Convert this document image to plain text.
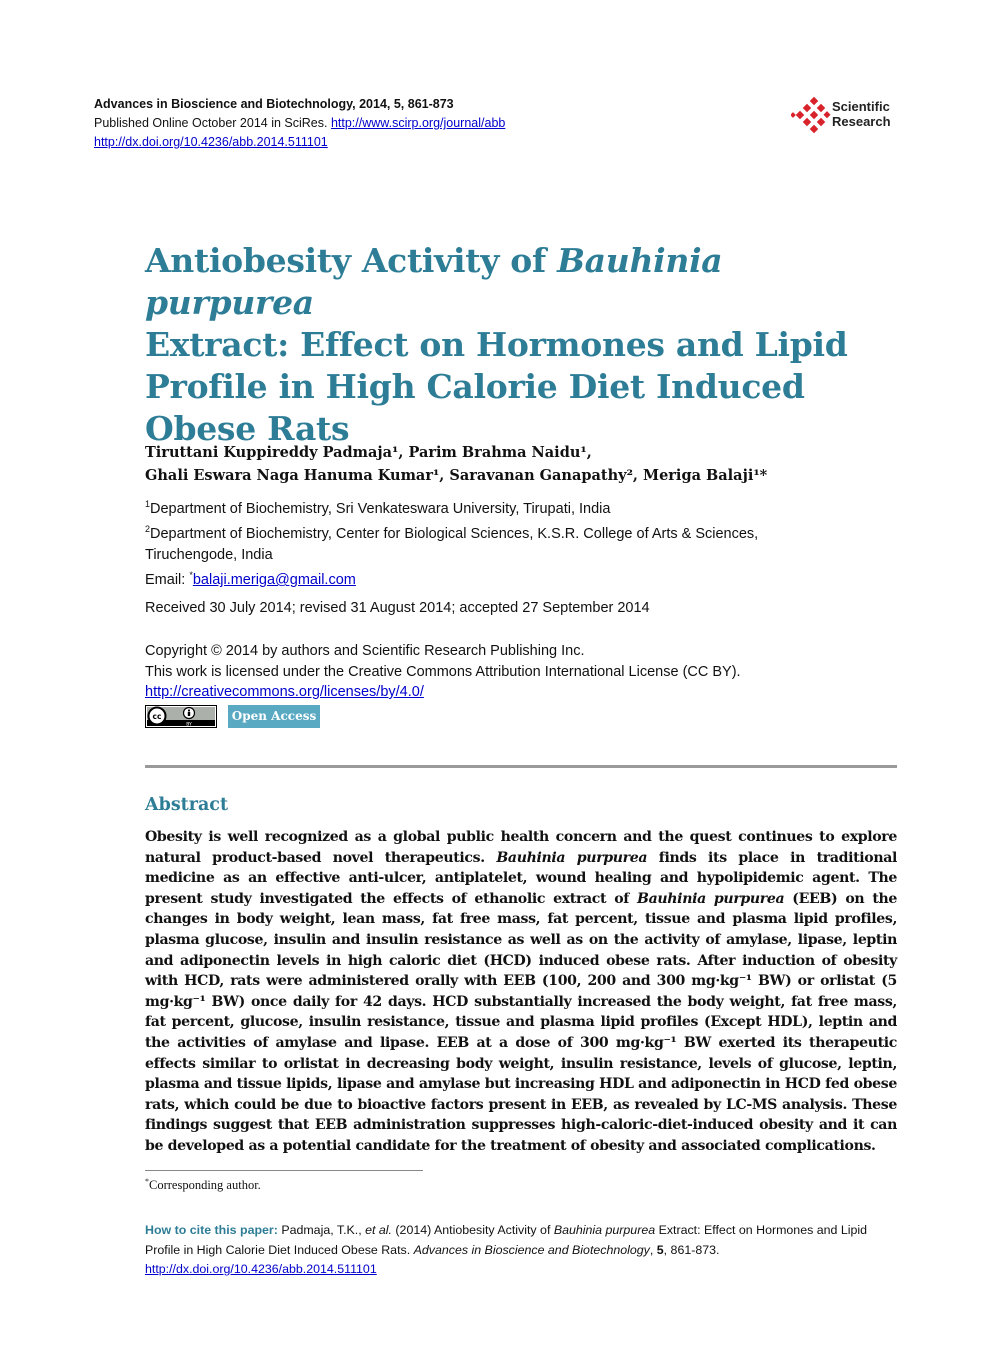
Advances in Bioscience and Biotechnology, 2014, 5, 861-873
Published Online October 2014 in SciRes. http://www.scirp.org/journal/abb
http://dx.doi.org/10.4236/abb.2014.511101
Scientific
Research
Antiobesity Activity of Bauhinia purpurea
Extract: Effect on Hormones and Lipid Profile in High Calorie Diet Induced Obese Rats
Tiruttani Kuppireddy Padmaja¹, Parim Brahma Naidu¹,
Ghali Eswara Naga Hanuma Kumar¹, Saravanan Ganapathy², Meriga Balaji¹*
$^1$Department of Biochemistry, Sri Venkateswara University, Tirupati, India
$^2$Department of Biochemistry, Center for Biological Sciences, K.S.R. College of Arts & Sciences,
Tiruchengode, India
Email: *balaji.meriga@gmail.com
Received 30 July 2014; revised 31 August 2014; accepted 27 September 2014
Copyright © 2014 by authors and Scientific Research Publishing Inc.
This work is licensed under the Creative Commons Attribution International License (CC BY).
http://creativecommons.org/licenses/by/4.0/
cc
BY
Open Access
Abstract
Obesity is well recognized as a global public health concern and the quest continues to explore natural product-based novel therapeutics. Bauhinia purpurea finds its place in traditional medicine as an effective anti-ulcer, antiplatelet, wound healing and hypolipidemic agent. The present study investigated the effects of ethanolic extract of Bauhinia purpurea (EEB) on the changes in body weight, lean mass, fat free mass, fat percent, tissue and plasma lipid profiles, plasma glucose, insulin and insulin resistance as well as on the activity of amylase, lipase, leptin and adiponectin levels in high caloric diet (HCD) induced obese rats. After induction of obesity with HCD, rats were administered orally with EEB (100, 200 and 300 mg·kg⁻¹ BW) or orlistat (5 mg·kg⁻¹ BW) once daily for 42 days. HCD substantially increased the body weight, fat free mass, fat percent, glucose, insulin resistance, tissue and plasma lipid profiles (Except HDL), leptin and the activities of amylase and lipase. EEB at a dose of 300 mg·kg⁻¹ BW exerted its therapeutic effects similar to orlistat in decreasing body weight, insulin resistance, levels of glucose, leptin, plasma and tissue lipids, lipase and amylase but increasing HDL and adiponectin in HCD fed obese rats, which could be due to bioactive factors present in EEB, as revealed by LC-MS analysis. These findings suggest that EEB administration suppresses high-caloric-diet-induced obesity and it can be developed as a potential candidate for the treatment of obesity and associated complications.
*Corresponding author.
How to cite this paper: Padmaja, T.K., et al. (2014) Antiobesity Activity of Bauhinia purpurea Extract: Effect on Hormones and Lipid Profile in High Calorie Diet Induced Obese Rats. Advances in Bioscience and Biotechnology, 5, 861-873.
http://dx.doi.org/10.4236/abb.2014.511101
